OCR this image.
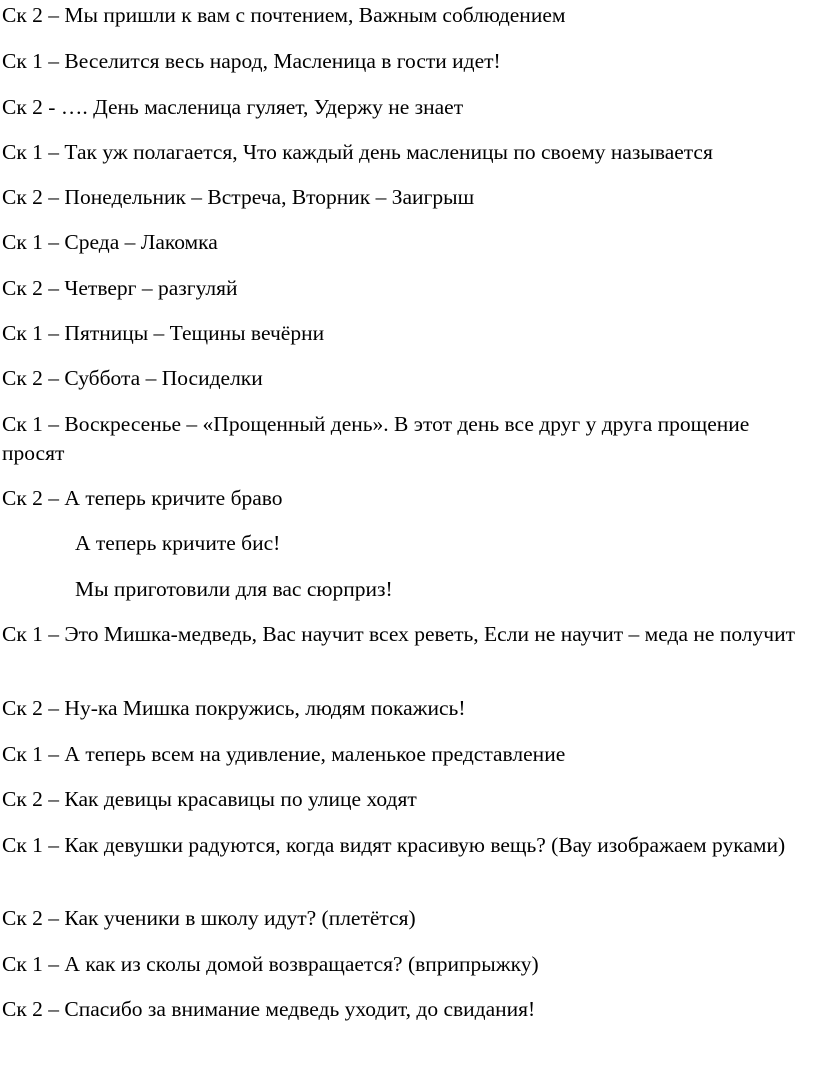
Ск 2 – Мы пришли к вам с почтением, Важным соблюдением

Ск 1 – Веселится весь народ, Масленица в гости идет!

Ск 2 - …. День масленица гуляет, Удержу не знает

Ск 1 – Так уж полагается, Что каждый день масленицы по своему называется

Ск 2 – Понедельник – Встреча, Вторник – Заигрыш

Ск 1 – Среда – Лакомка

Ск 2 – Четверг – разгуляй

Ск 1 – Пятницы – Тещины вечёрни

Ск 2 – Суббота – Посиделки

Ск 1 – Воскресенье – «Прощенный день». В этот день все друг у друга прощение просят

Ск 2 – А теперь кричите браво

А теперь кричите бис!

Мы приготовили для вас сюрприз!

Ск 1 – Это Мишка-медведь, Вас научит всех реветь, Если не научит – меда не получит

Ск 2 – Ну-ка Мишка покружись, людям покажись!

Ск 1 – А теперь всем на удивление, маленькое представление

Ск 2 – Как девицы красавицы по улице ходят

Ск 1 – Как девушки радуются, когда видят красивую вещь? (Вау изображаем руками)

Ск 2 – Как ученики в школу идут? (плетётся)

Ск 1 – А как из сколы домой возвращается? (вприпрыжку)

Ск 2 – Спасибо за внимание медведь уходит, до свидания!
